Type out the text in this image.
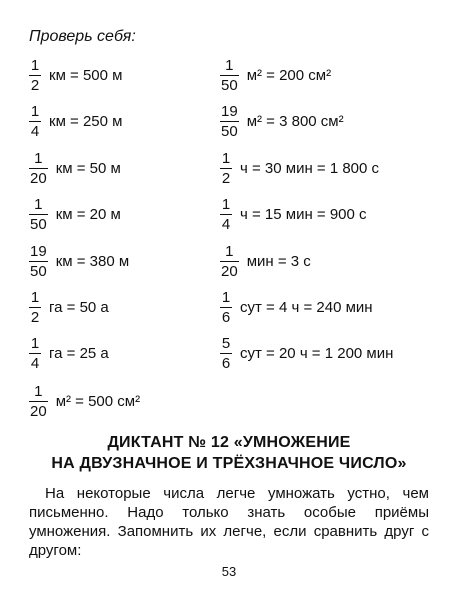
Проверь себя:
$\frac{1}{2}$ км = 500 м
$\frac{1}{4}$ км = 250 м
$\frac{1}{20}$ км = 50 м
$\frac{1}{50}$ км = 20 м
$\frac{19}{50}$ км = 380 м
$\frac{1}{2}$ га = 50 а
$\frac{1}{4}$ га = 25 а
$\frac{1}{20} м^2 = 500$ см²
$\frac{1}{50} м^2 = 200$ см²
$\frac{19}{50} м^2 = 3$ 800 см²
$\frac{1}{2}$ ч = 30 мин = 1 800 с
$\frac{1}{4}$ ч = 15 мин = 900 с
$\frac{1}{20}$ мин = 3 с
$\frac{1}{6}$ сут = 4 ч = 240 мин
$\frac{5}{6}$ сут = 20 ч = 1 200 мин
ДИКТАНТ № 12 «УМНОЖЕНИЕ
НА ДВУЗНАЧНОЕ И ТРЁХЗНАЧНОЕ ЧИСЛО»
На некоторые числа легче умножать устно, чем письменно. Надо только знать особые приёмы умножения. Запомнить их легче, если сравнить друг с другом:
53
